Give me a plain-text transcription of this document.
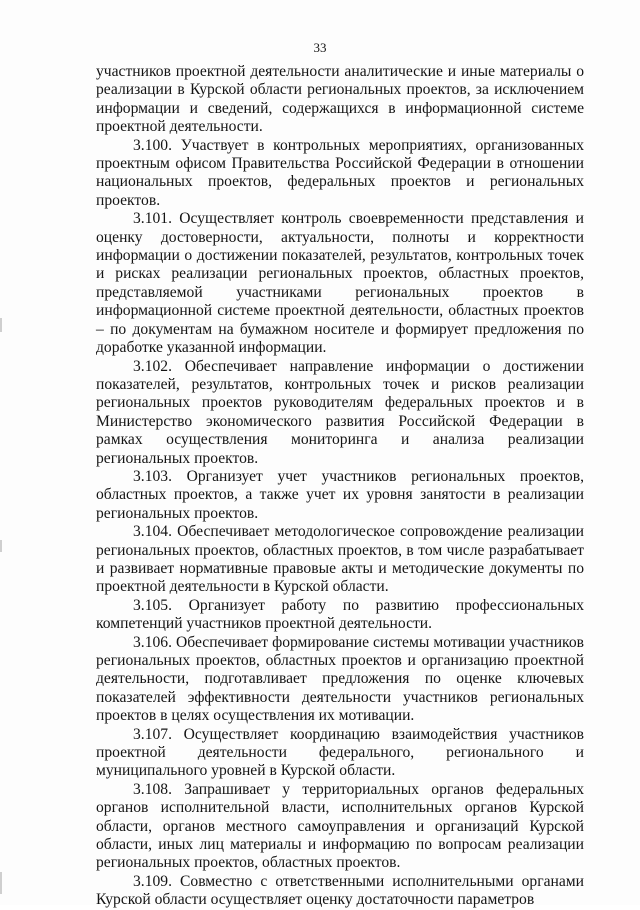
33

участников проектной деятельности аналитические и иные материалы о реализации в Курской области региональных проектов, за исключением информации и сведений, содержащихся в информационной системе проектной деятельности.

3.100. Участвует в контрольных мероприятиях, организованных проектным офисом Правительства Российской Федерации в отношении национальных проектов, федеральных проектов и региональных проектов.

3.101. Осуществляет контроль своевременности представления и оценку достоверности, актуальности, полноты и корректности информации о достижении показателей, результатов, контрольных точек и рисках реализации региональных проектов, областных проектов, представляемой участниками региональных проектов в информационной системе проектной деятельности, областных проектов – по документам на бумажном носителе и формирует предложения по доработке указанной информации.

3.102. Обеспечивает направление информации о достижении показателей, результатов, контрольных точек и рисков реализации региональных проектов руководителям федеральных проектов и в Министерство экономического развития Российской Федерации в рамках осуществления мониторинга и анализа реализации региональных проектов.

3.103. Организует учет участников региональных проектов, областных проектов, а также учет их уровня занятости в реализации региональных проектов.

3.104. Обеспечивает методологическое сопровождение реализации региональных проектов, областных проектов, в том числе разрабатывает и развивает нормативные правовые акты и методические документы по проектной деятельности в Курской области.

3.105. Организует работу по развитию профессиональных компетенций участников проектной деятельности.

3.106. Обеспечивает формирование системы мотивации участников региональных проектов, областных проектов и организацию проектной деятельности, подготавливает предложения по оценке ключевых показателей эффективности деятельности участников региональных проектов в целях осуществления их мотивации.

3.107. Осуществляет координацию взаимодействия участников проектной деятельности федерального, регионального и муниципального уровней в Курской области.

3.108. Запрашивает у территориальных органов федеральных органов исполнительной власти, исполнительных органов Курской области, органов местного самоуправления и организаций Курской области, иных лиц материалы и информацию по вопросам реализации региональных проектов, областных проектов.

3.109. Совместно с ответственными исполнительными органами Курской области осуществляет оценку достаточности параметров
